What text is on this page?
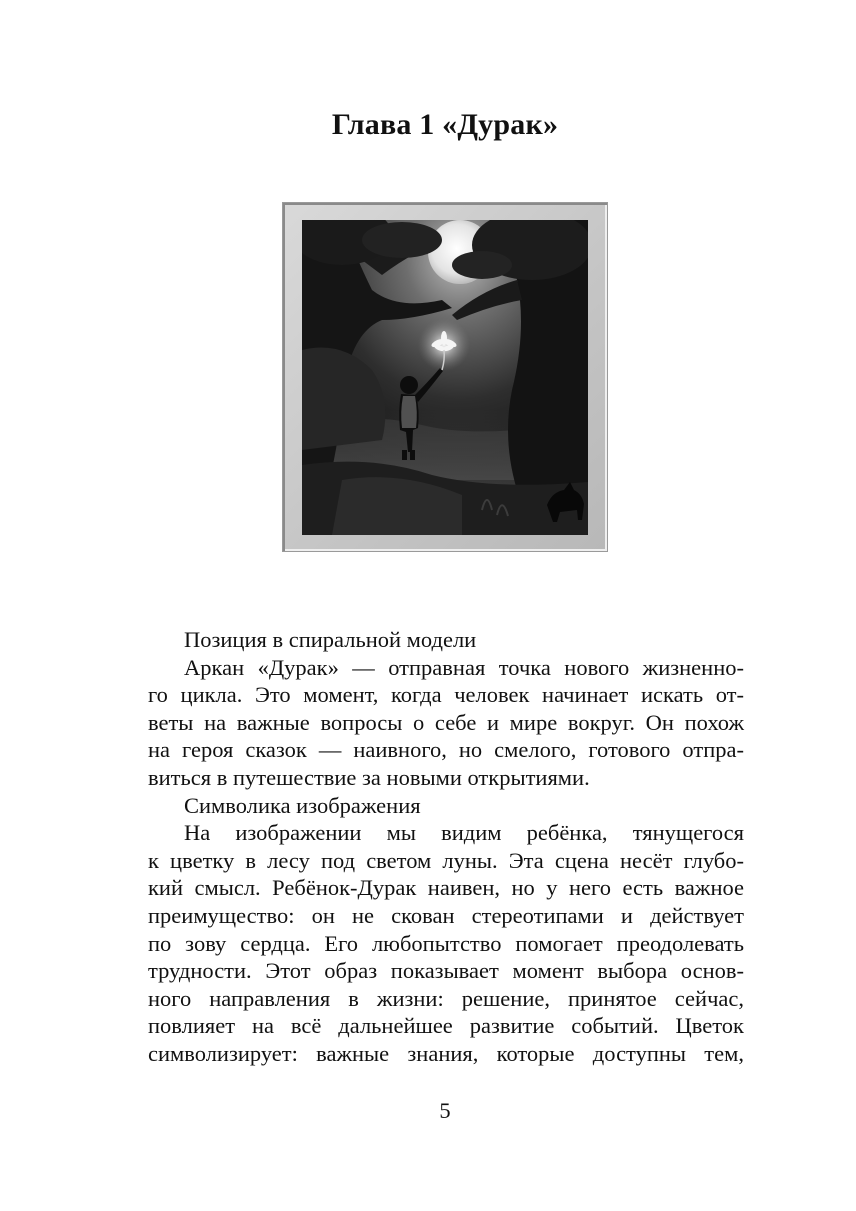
Глава 1 «Дурак»
Позиция в спиральной модели
Аркан «Дурак» — отправная точка нового жизненно-
го цикла. Это момент, когда человек начинает искать от-
веты на важные вопросы о себе и мире вокруг. Он похож
на героя сказок — наивного, но смелого, готового отпра-
виться в путешествие за новыми открытиями.
Символика изображения
На изображении мы видим ребёнка, тянущегося
к цветку в лесу под светом луны. Эта сцена несёт глубо-
кий смысл. Ребёнок-Дурак наивен, но у него есть важное
преимущество: он не скован стереотипами и действует
по зову сердца. Его любопытство помогает преодолевать
трудности. Этот образ показывает момент выбора основ-
ного направления в жизни: решение, принятое сейчас,
повлияет на всё дальнейшее развитие событий. Цветок
символизирует: важные знания, которые доступны тем,
5
